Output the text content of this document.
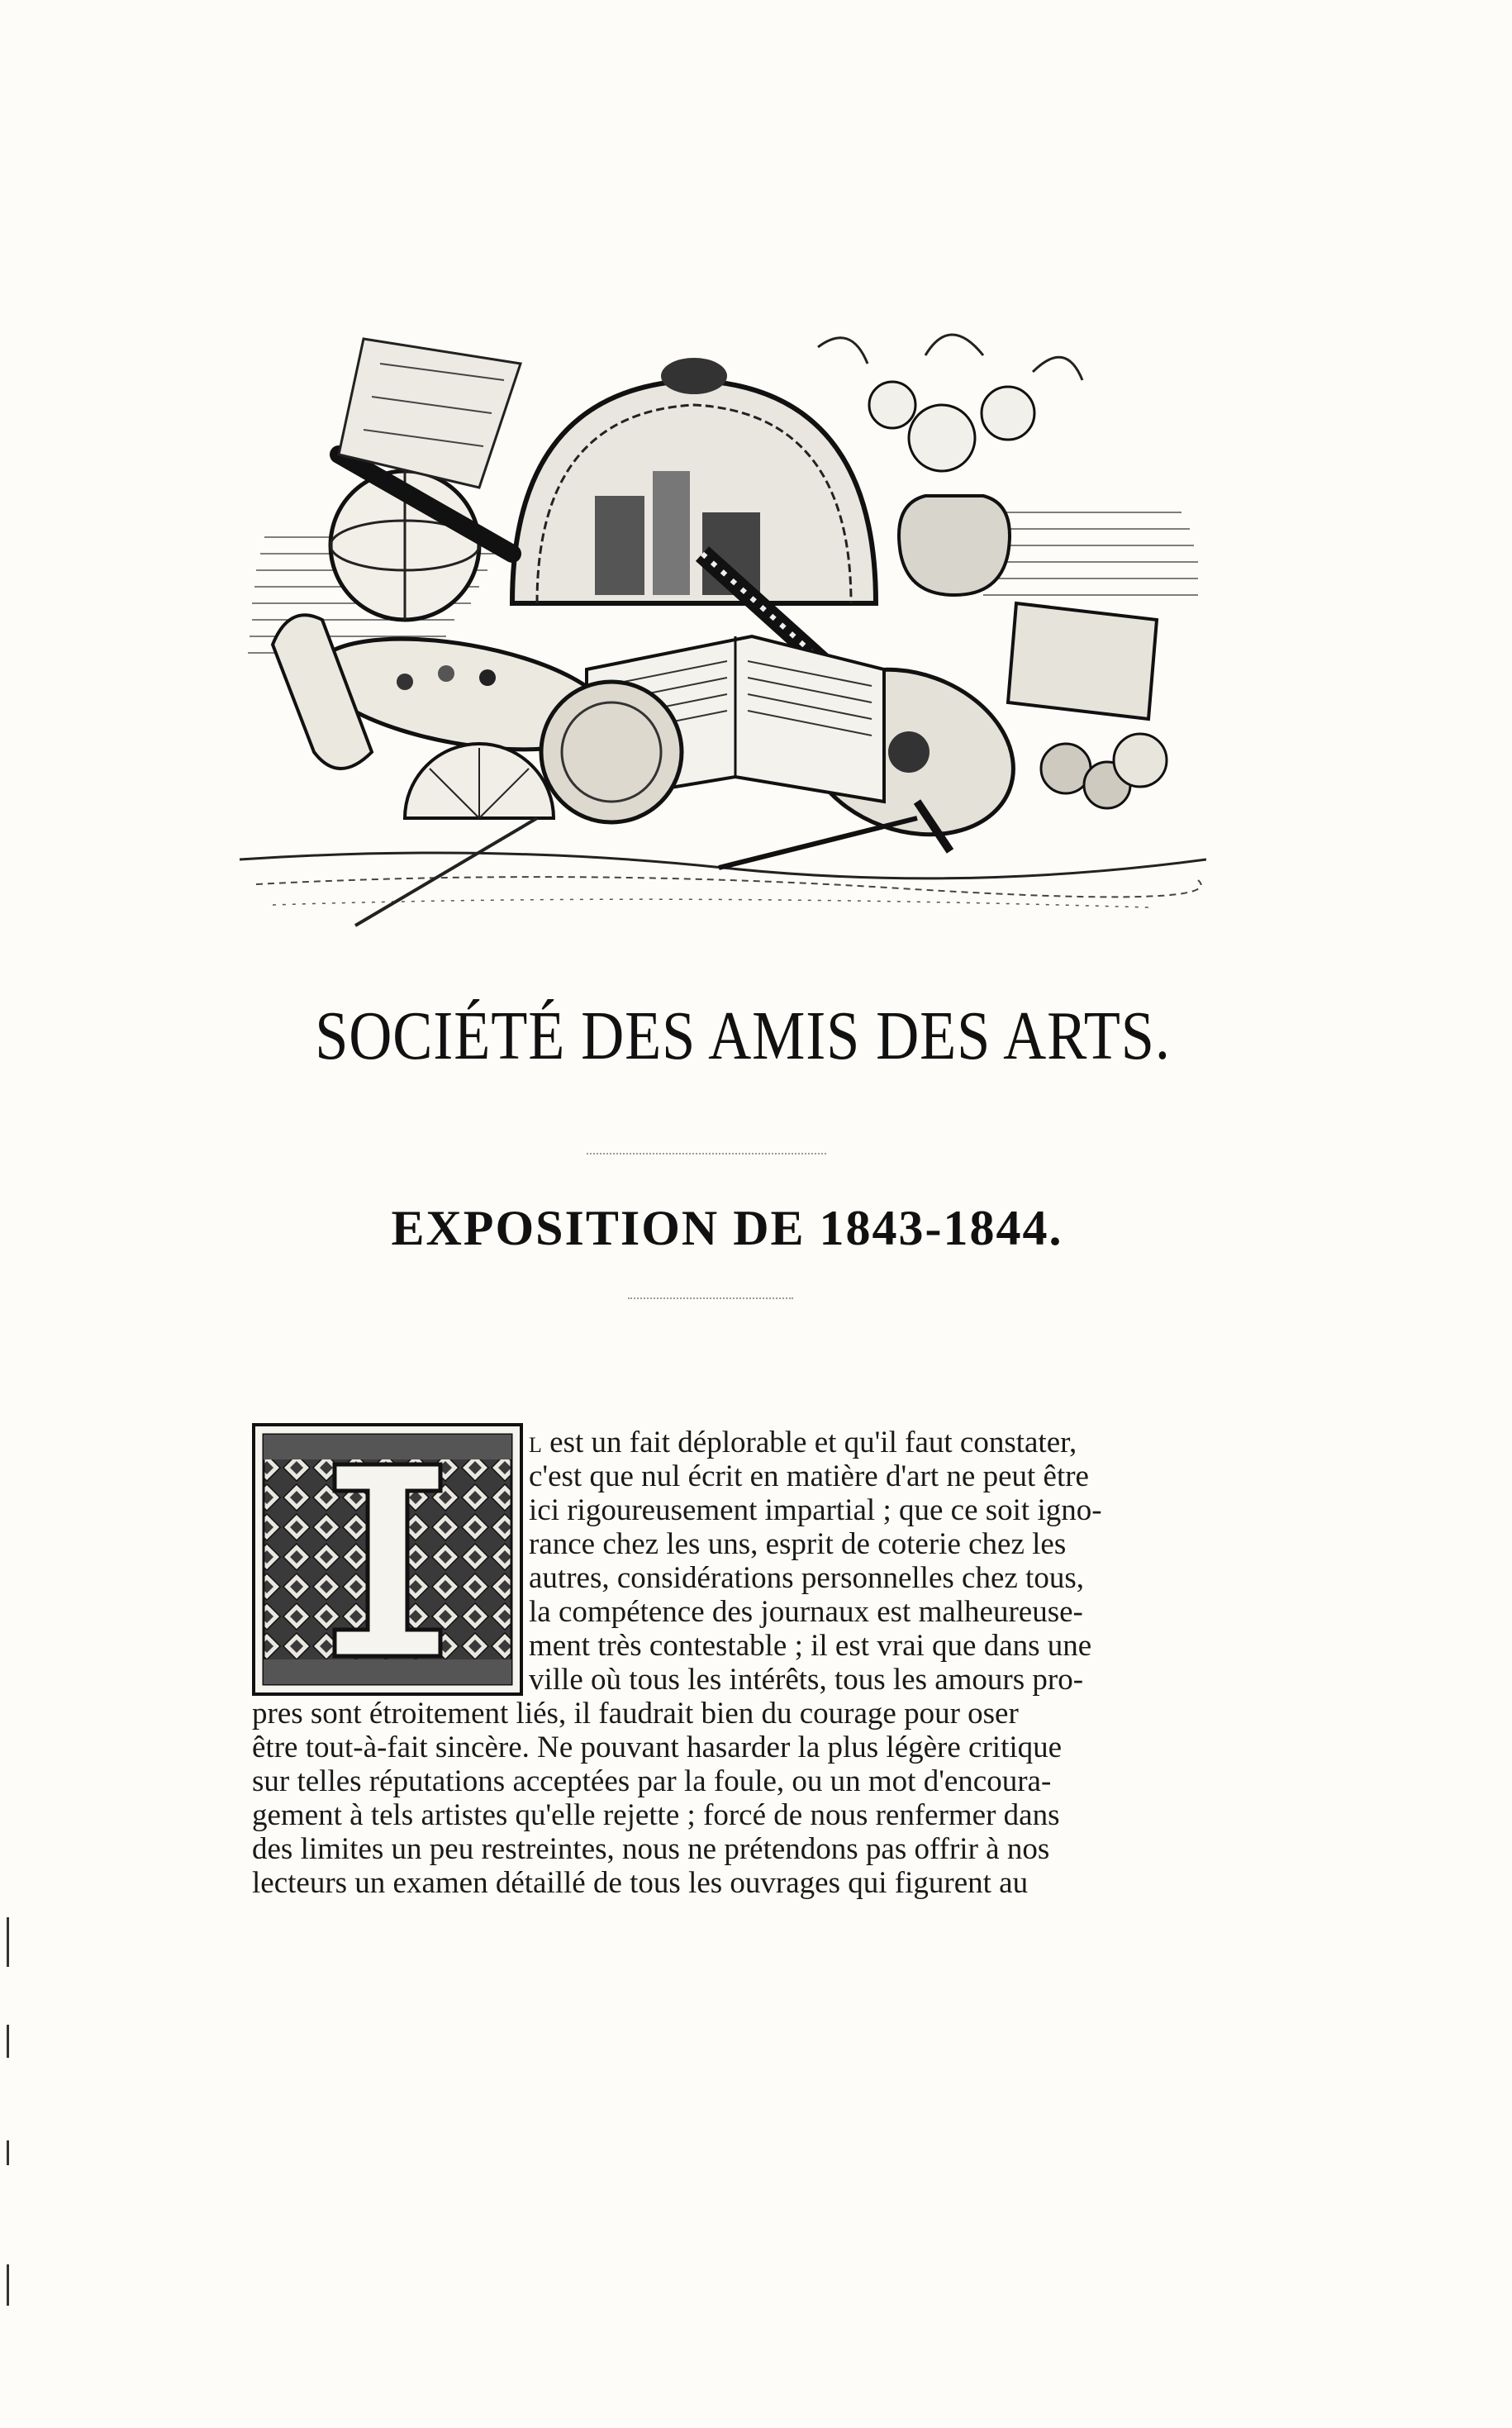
SOCIÉTÉ DES AMIS DES ARTS.
EXPOSITION DE 1843-1844.
l est un fait déplorable et qu'il faut constater,
c'est que nul écrit en matière d'art ne peut être
ici rigoureusement impartial ; que ce soit igno-
rance chez les uns, esprit de coterie chez les
autres, considérations personnelles chez tous,
la compétence des journaux est malheureuse-
ment très contestable ; il est vrai que dans une
ville où tous les intérêts, tous les amours pro-
pres sont étroitement liés, il faudrait bien du courage pour oser
être tout-à-fait sincère. Ne pouvant hasarder la plus légère critique
sur telles réputations acceptées par la foule, ou un mot d'encoura-
gement à tels artistes qu'elle rejette ; forcé de nous renfermer dans
des limites un peu restreintes, nous ne prétendons pas offrir à nos
lecteurs un examen détaillé de tous les ouvrages qui figurent au
